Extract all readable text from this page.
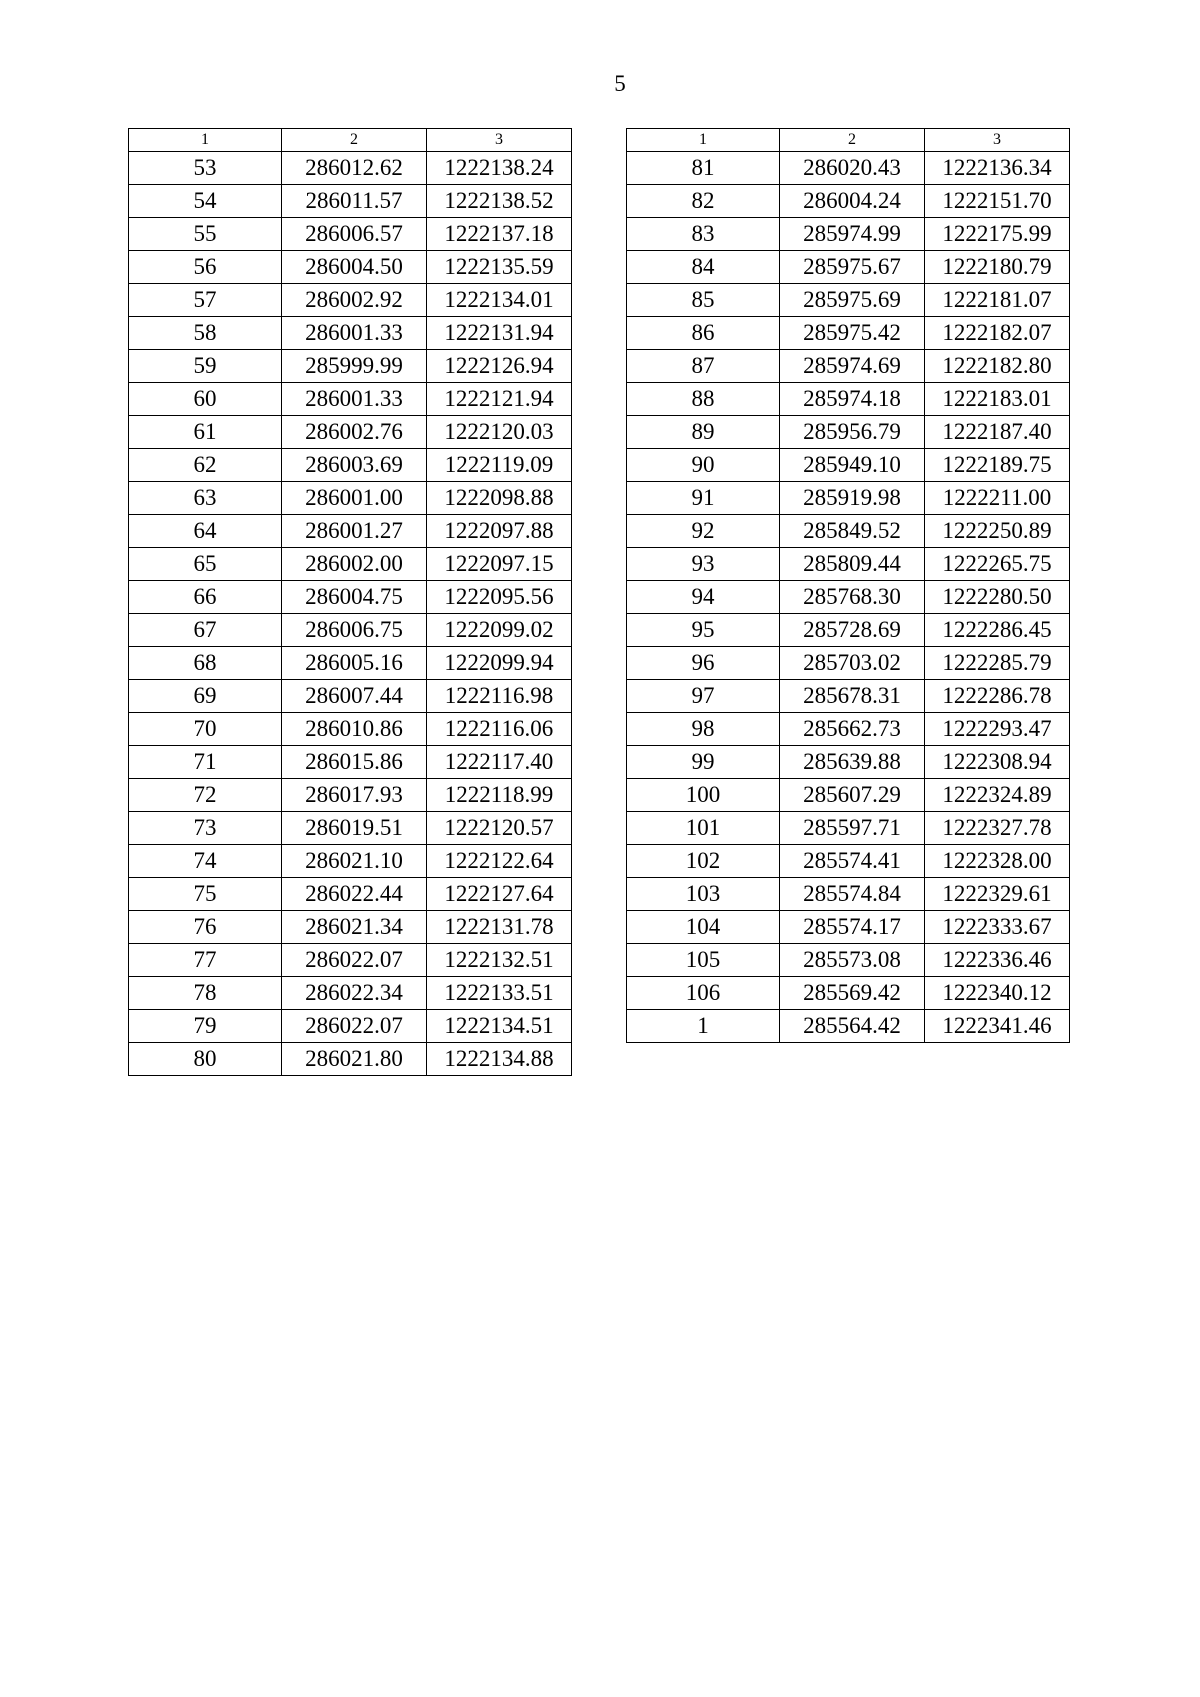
5
1	2	3
53	286012.62	1222138.24
54	286011.57	1222138.52
55	286006.57	1222137.18
56	286004.50	1222135.59
57	286002.92	1222134.01
58	286001.33	1222131.94
59	285999.99	1222126.94
60	286001.33	1222121.94
61	286002.76	1222120.03
62	286003.69	1222119.09
63	286001.00	1222098.88
64	286001.27	1222097.88
65	286002.00	1222097.15
66	286004.75	1222095.56
67	286006.75	1222099.02
68	286005.16	1222099.94
69	286007.44	1222116.98
70	286010.86	1222116.06
71	286015.86	1222117.40
72	286017.93	1222118.99
73	286019.51	1222120.57
74	286021.10	1222122.64
75	286022.44	1222127.64
76	286021.34	1222131.78
77	286022.07	1222132.51
78	286022.34	1222133.51
79	286022.07	1222134.51
80	286021.80	1222134.88
1	2	3
81	286020.43	1222136.34
82	286004.24	1222151.70
83	285974.99	1222175.99
84	285975.67	1222180.79
85	285975.69	1222181.07
86	285975.42	1222182.07
87	285974.69	1222182.80
88	285974.18	1222183.01
89	285956.79	1222187.40
90	285949.10	1222189.75
91	285919.98	1222211.00
92	285849.52	1222250.89
93	285809.44	1222265.75
94	285768.30	1222280.50
95	285728.69	1222286.45
96	285703.02	1222285.79
97	285678.31	1222286.78
98	285662.73	1222293.47
99	285639.88	1222308.94
100	285607.29	1222324.89
101	285597.71	1222327.78
102	285574.41	1222328.00
103	285574.84	1222329.61
104	285574.17	1222333.67
105	285573.08	1222336.46
106	285569.42	1222340.12
1	285564.42	1222341.46
